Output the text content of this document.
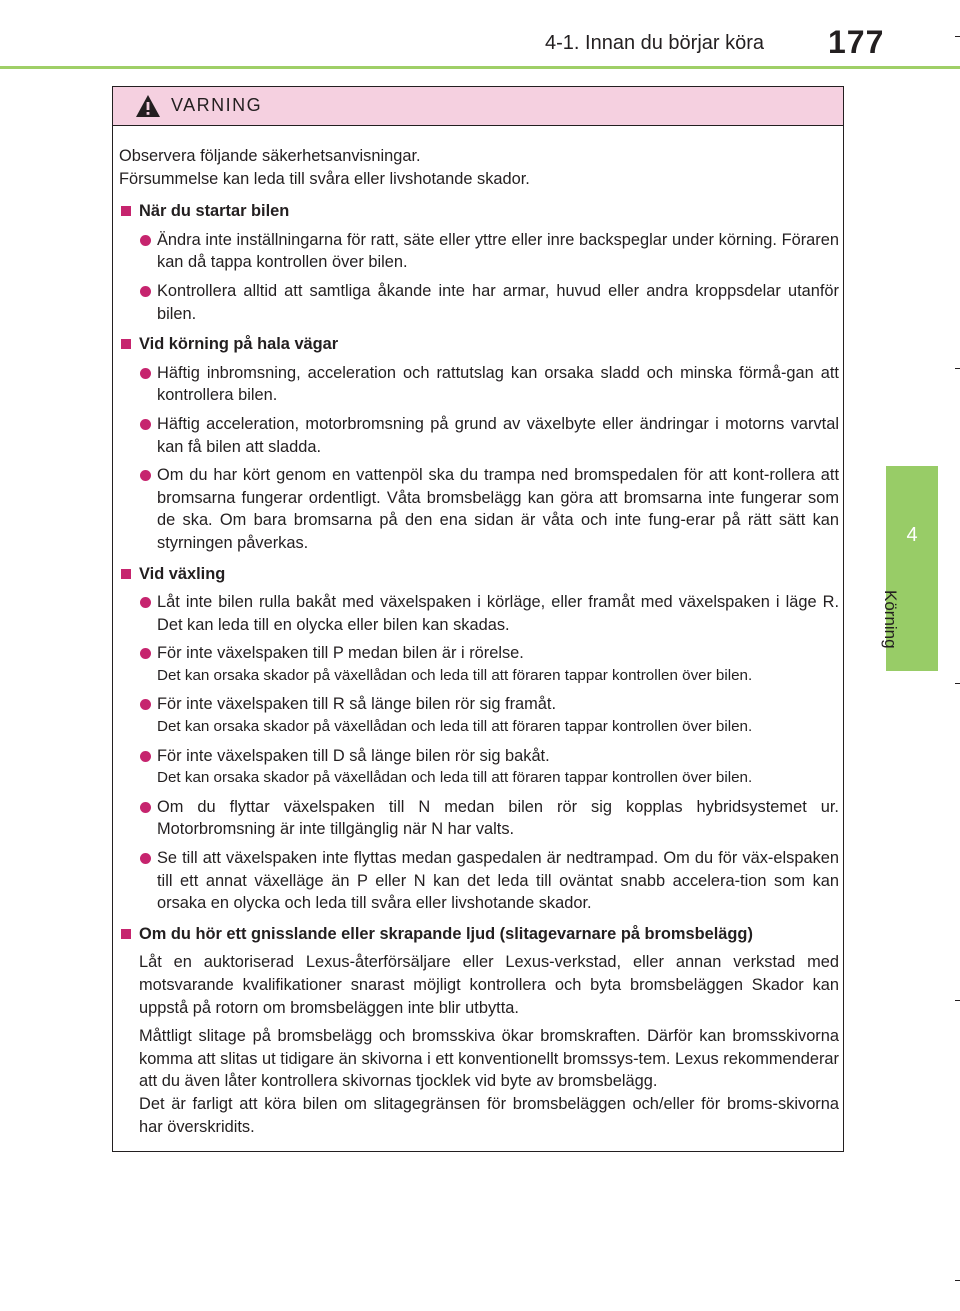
4-1. Innan du börjar köra 177
4
Körning
VARNING
Observera följande säkerhetsanvisningar.
Försummelse kan leda till svåra eller livshotande skador.
När du startar bilen
Ändra inte inställningarna för ratt, säte eller yttre eller inre backspeglar under körning. Föraren kan då tappa kontrollen över bilen.
Kontrollera alltid att samtliga åkande inte har armar, huvud eller andra kroppsdelar utanför bilen.
Vid körning på hala vägar
Häftig inbromsning, acceleration och rattutslag kan orsaka sladd och minska förmå-gan att kontrollera bilen.
Häftig acceleration, motorbromsning på grund av växelbyte eller ändringar i motorns varvtal kan få bilen att sladda.
Om du har kört genom en vattenpöl ska du trampa ned bromspedalen för att kont-rollera att bromsarna fungerar ordentligt. Våta bromsbelägg kan göra att bromsarna inte fungerar som de ska. Om bara bromsarna på den ena sidan är våta och inte fung-erar på rätt sätt kan styrningen påverkas.
Vid växling
Låt inte bilen rulla bakåt med växelspaken i körläge, eller framåt med växelspaken i läge R. Det kan leda till en olycka eller bilen kan skadas.
För inte växelspaken till P medan bilen är i rörelse.
Det kan orsaka skador på växellådan och leda till att föraren tappar kontrollen över bilen.
För inte växelspaken till R så länge bilen rör sig framåt.
Det kan orsaka skador på växellådan och leda till att föraren tappar kontrollen över bilen.
För inte växelspaken till D så länge bilen rör sig bakåt.
Det kan orsaka skador på växellådan och leda till att föraren tappar kontrollen över bilen.
Om du flyttar växelspaken till N medan bilen rör sig kopplas hybridsystemet ur. Motorbromsning är inte tillgänglig när N har valts.
Se till att växelspaken inte flyttas medan gaspedalen är nedtrampad. Om du för väx-elspaken till ett annat växelläge än P eller N kan det leda till oväntat snabb accelera-tion som kan orsaka en olycka och leda till svåra eller livshotande skador.
Om du hör ett gnisslande eller skrapande ljud (slitagevarnare på bromsbelägg)
Låt en auktoriserad Lexus-återförsäljare eller Lexus-verkstad, eller annan verkstad med motsvarande kvalifikationer snarast möjligt kontrollera och byta bromsbeläggen Skador kan uppstå på rotorn om bromsbeläggen inte blir utbytta.
Måttligt slitage på bromsbelägg och bromsskiva ökar bromskraften. Därför kan bromsskivorna komma att slitas ut tidigare än skivorna i ett konventionellt bromssys-tem. Lexus rekommenderar att du även låter kontrollera skivornas tjocklek vid byte av bromsbelägg.
Det är farligt att köra bilen om slitagegränsen för bromsbeläggen och/eller för broms-skivorna har överskridits.
